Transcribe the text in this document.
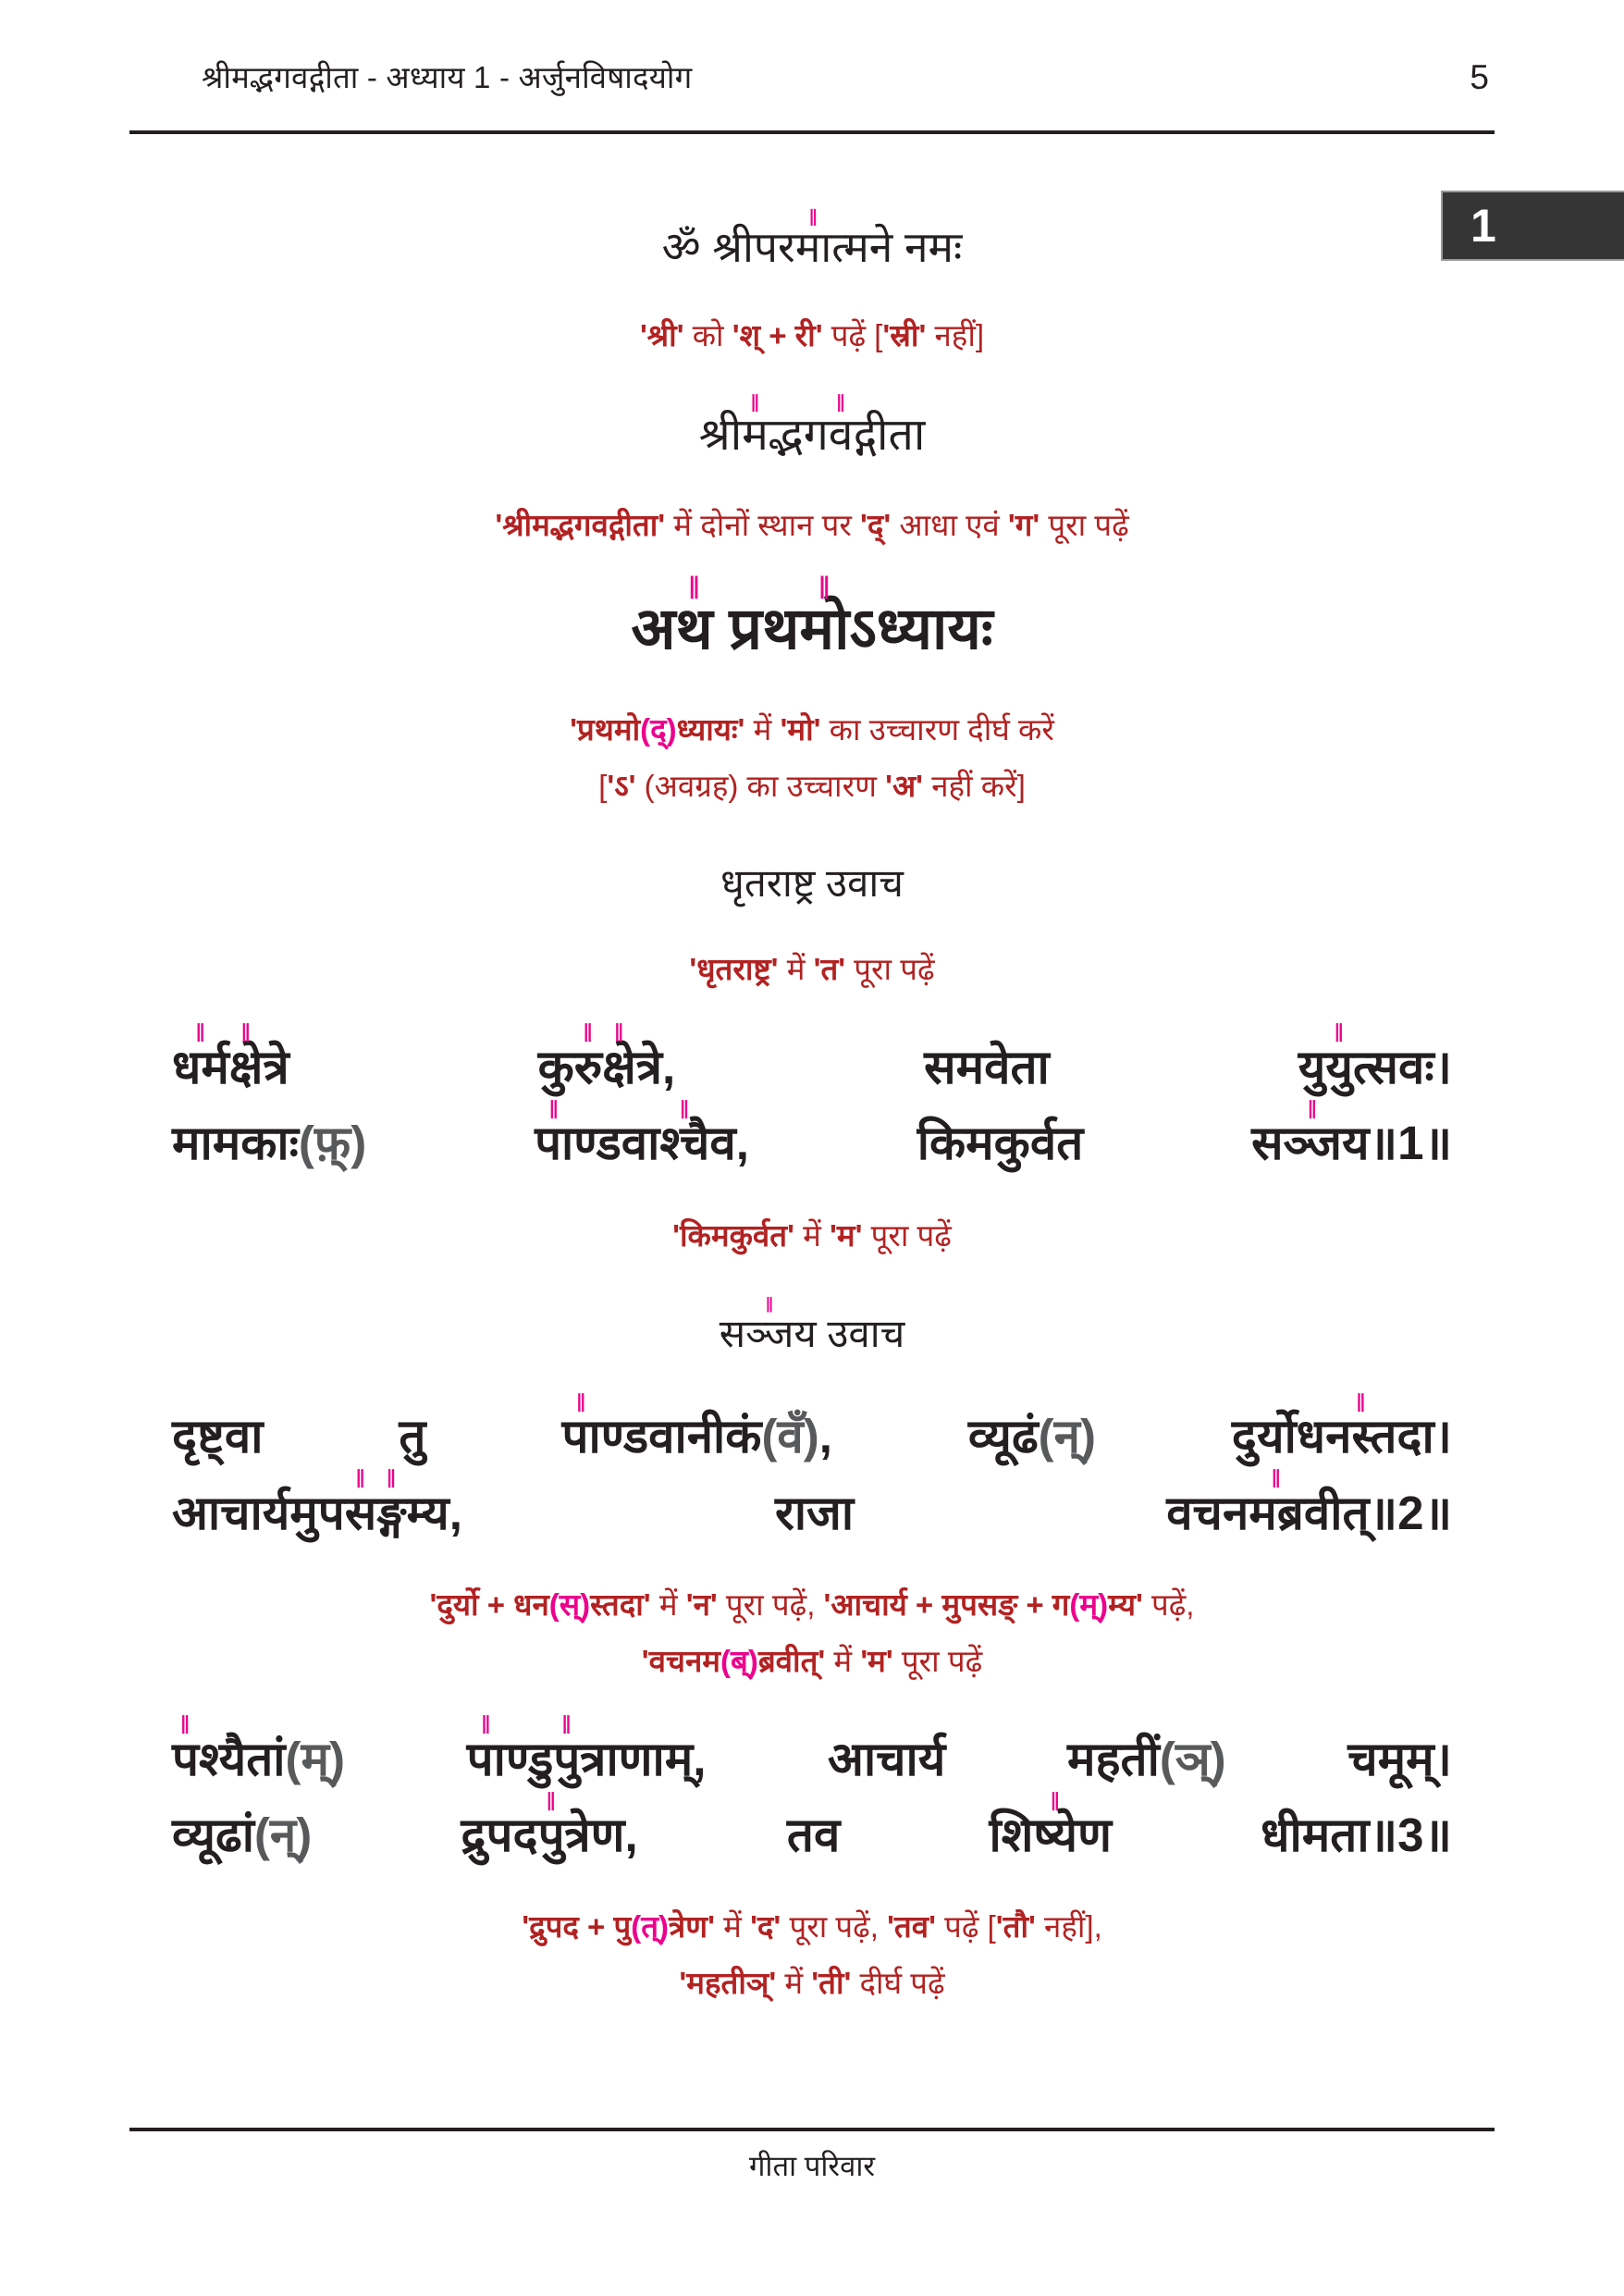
श्रीमद्भगवद्गीता - अध्याय 1 - अर्जुनविषादयोग	5
ॐ श्रीपर
∥
मात्मने नमः
'श्री' को 'श् + री' पढ़ें ['स्री' नहीं]
श्री
∥
मद्भग
∥
वद्गीता
'श्रीमद्भगवद्गीता' में दोनों स्थान पर 'द्' आधा एवं 'ग' पूरा पढ़ें
अ
∥
थ प्रथ
∥
मोऽध्यायः
'प्रथमो(द्)ध्यायः' में 'मो' का उच्चारण दीर्घ करें
['ऽ' (अवग्रह) का उच्चारण 'अ' नहीं करें]
धृतराष्ट्र उवाच
'धृतराष्ट्र' में 'त' पूरा पढ़ें
∥
धर्म
∥
क्षेत्रे कु
∥
रु
∥
क्षेत्रे, समवेता यु
∥
युत्सवः।
मामकाः(फ़्)
∥
पाण्डवा
∥
श्चैव, किमकुर्वत स
∥
ञ्जय॥1॥
'किमकुर्वत' में 'म' पूरा पढ़ें
स
∥
ञ्जय उवाच
दृष्ट्वा तु
∥
पाण्डवानीकं(वँ), व्यूढं(न्) दुर्योध
∥
नस्तदा।
आचार्यमुप
∥
स
∥
ङ्गम्य, राजा वचन
∥
मब्रवीत्॥2॥
'दुर्यो + धन(स्)स्तदा' में 'न' पूरा पढ़ें, 'आचार्य + मुपसङ् + ग(म्)म्य' पढ़ें,
'वचनम(ब्)ब्रवीत्' में 'म' पूरा पढ़ें
∥
पश्यैतां(म्)
∥
पाण्डु
∥
पुत्राणाम्, आचार्य महतीं(ञ्) चमूम्।
व्यूढां(न्) द्रुपद
∥
पुत्रेण, तव शि
∥
ष्येण धीमता॥3॥
'द्रुपद + पु(त्)त्रेण' में 'द' पूरा पढ़ें, 'तव' पढ़ें ['तौ' नहीं],
'महतीञ्' में 'ती' दीर्घ पढ़ें
1
गीता परिवार
